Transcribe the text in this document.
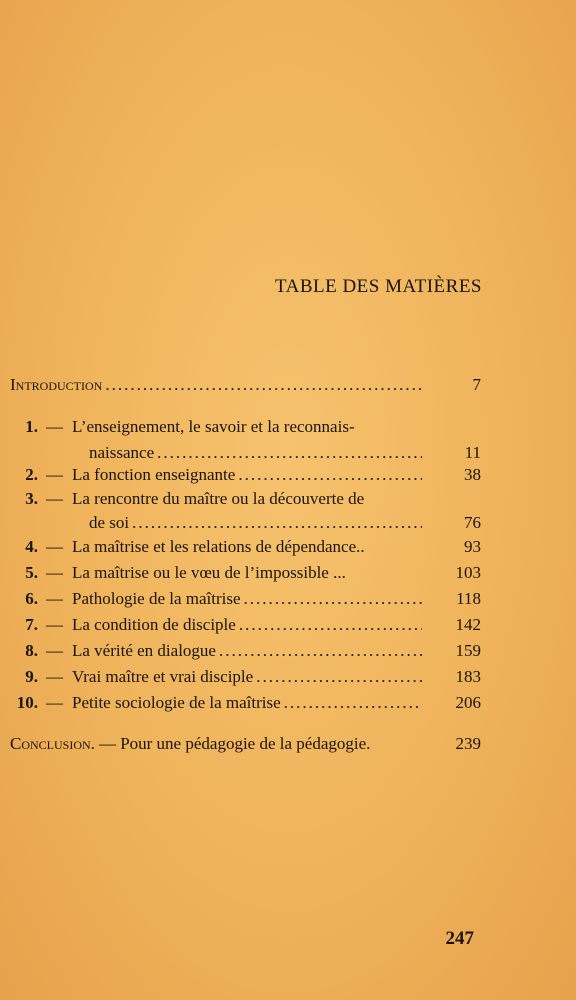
TABLE DES MATIÈRES
Introduction .....	7
1. — L’enseignement, le savoir et la reconnais-
naissance .....	11
2. — La fonction enseignante .....	38
3. — La rencontre du maître ou la découverte de
de soi .....	76
4. — La maîtrise et les relations de dépendance..	93
5. — La maîtrise ou le vœu de l’impossible ...	103
6. — Pathologie de la maîtrise .....	118
7. — La condition de disciple .....	142
8. — La vérité en dialogue .....	159
9. — Vrai maître et vrai disciple .....	183
10. — Petite sociologie de la maîtrise .....	206
Conclusion. — Pour une pédagogie de la pédagogie.	239
247
